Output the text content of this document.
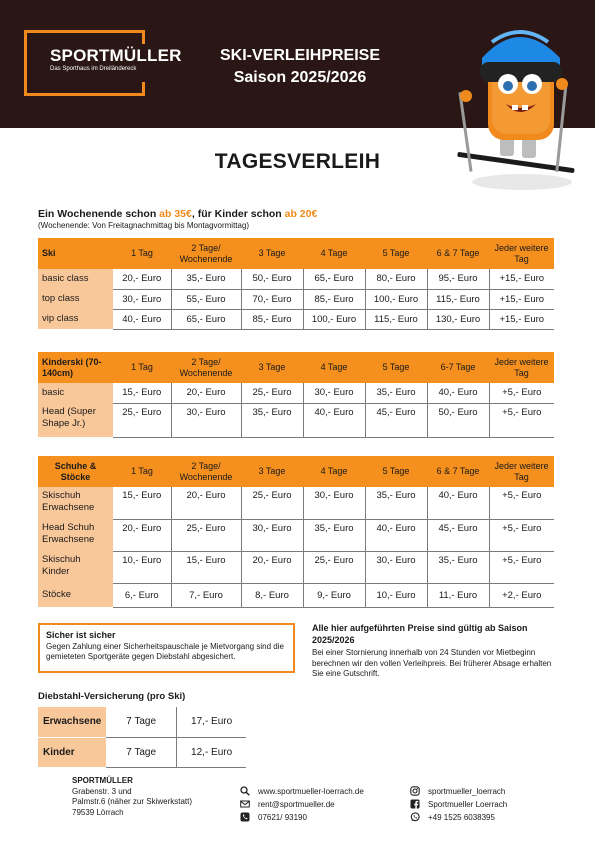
SPORTMÜLLER
Das Sporthaus im Dreiländereck
SKI-VERLEIHPREISE
Saison 2025/2026
TAGESVERLEIH
Ein Wochenende schon ab 35€, für Kinder schon ab 20€
(Wochenende: Von Freitagnachmittag bis Montagvormittag)
Ski	1 Tag	2 Tage/ Wochenende	3 Tage	4 Tage	5 Tage	6 & 7 Tage	Jeder weitere Tag
basic class	20,- Euro	35,- Euro	50,- Euro	65,- Euro	80,- Euro	95,- Euro	+15,- Euro
top class	30,- Euro	55,- Euro	70,- Euro	85,- Euro	100,- Euro	115,- Euro	+15,- Euro
vip class	40,- Euro	65,- Euro	85,- Euro	100,- Euro	115,- Euro	130,- Euro	+15,- Euro
Kinderski (70-140cm)	1 Tag	2 Tage/ Wochenende	3 Tage	4 Tage	5 Tage	6-7 Tage	Jeder weitere Tag
basic	15,- Euro	20,- Euro	25,- Euro	30,- Euro	35,- Euro	40,- Euro	+5,- Euro
Head (Super Shape Jr.)	25,- Euro	30,- Euro	35,- Euro	40,- Euro	45,- Euro	50,- Euro	+5,- Euro
Schuhe & Stöcke	1 Tag	2 Tage/ Wochenende	3 Tage	4 Tage	5 Tage	6 & 7 Tage	Jeder weitere Tag
Skischuh Erwachsene	15,- Euro	20,- Euro	25,- Euro	30,- Euro	35,- Euro	40,- Euro	+5,- Euro
Head Schuh Erwachsene	20,- Euro	25,- Euro	30,- Euro	35,- Euro	40,- Euro	45,- Euro	+5,- Euro
Skischuh Kinder	10,- Euro	15,- Euro	20,- Euro	25,- Euro	30,- Euro	35,- Euro	+5,- Euro
Stöcke	6,- Euro	7,- Euro	8,- Euro	9,- Euro	10,- Euro	11,- Euro	+2,- Euro
Sicher ist sicher
Gegen Zahlung einer Sicherheitspauschale je Mietvorgang sind die gemieteten Sportgeräte gegen Diebstahl abgesichert.
Alle hier aufgeführten Preise sind gültig ab Saison 2025/2026
Bei einer Stornierung innerhalb von 24 Stunden vor Mietbeginn berechnen wir den vollen Verleihpreis. Bei früherer Absage erhalten Sie eine Gutschrift.
Diebstahl-Versicherung (pro Ski)
Erwachsene	7 Tage	17,- Euro
Kinder	7 Tage	12,- Euro
SPORTMÜLLER
Grabenstr. 3 und
Palmstr.6 (näher zur Skiwerkstatt)
79539 Lörrach
www.sportmueller-loerrach.de
rent@sportmueller.de
07621/ 93190
sportmueller_loerrach
Sportmueller Loerrach
+49 1525 6038395
